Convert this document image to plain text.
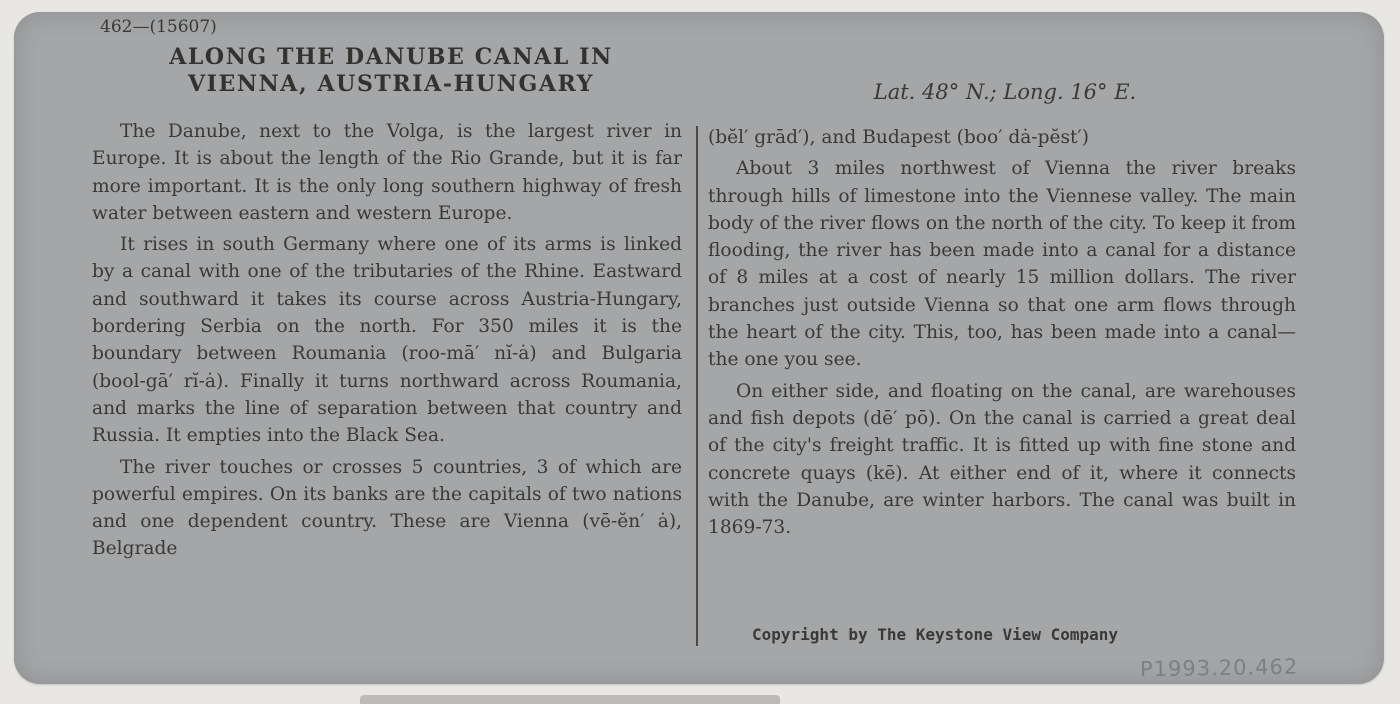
462—(15607)
ALONG THE DANUBE CANAL IN
VIENNA, AUSTRIA-HUNGARY	Lat. 48° N.; Long. 16° E.

The Danube, next to the Volga, is the largest river in Europe. It is about the length of the Rio Grande, but it is far more important. It is the only long southern highway of fresh water between eastern and western Europe.

It rises in south Germany where one of its arms is linked by a canal with one of the tributaries of the Rhine. Eastward and southward it takes its course across Austria-Hungary, bordering Serbia on the north. For 350 miles it is the boundary between Roumania (roo-mā′ nĭ-ȧ) and Bulgaria (bool-gā′ rĭ-ȧ). Finally it turns northward across Roumania, and marks the line of separation between that country and Russia. It empties into the Black Sea.

The river touches or crosses 5 countries, 3 of which are powerful empires. On its banks are the capitals of two nations and one dependent country. These are Vienna (vē-ĕn′ ȧ), Belgrade

(bĕl′ grād′), and Budapest (boo′ dȧ-pĕst′)

About 3 miles northwest of Vienna the river breaks through hills of limestone into the Viennese valley. The main body of the river flows on the north of the city. To keep it from flooding, the river has been made into a canal for a distance of 8 miles at a cost of nearly 15 million dollars. The river branches just outside Vienna so that one arm flows through the heart of the city. This, too, has been made into a canal—the one you see.

On either side, and floating on the canal, are warehouses and fish depots (dē′ pō). On the canal is carried a great deal of the city's freight traffic. It is fitted up with fine stone and concrete quays (kē). At either end of it, where it connects with the Danube, are winter harbors. The canal was built in 1869-73.

Copyright by The Keystone View Company
P1993.20.462
